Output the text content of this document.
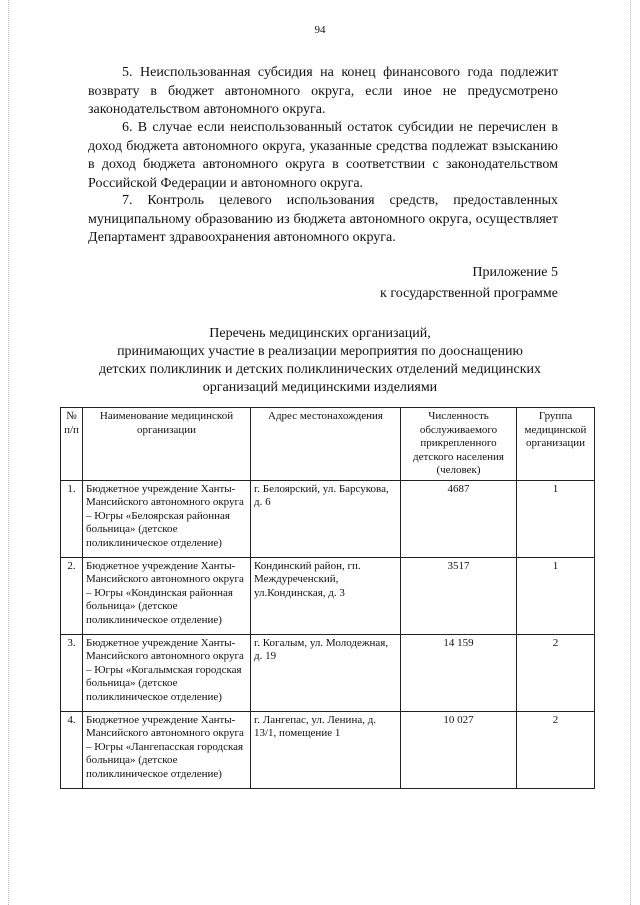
94

5. Неиспользованная субсидия на конец финансового года подлежит возврату в бюджет автономного округа, если иное не предусмотрено законодательством автономного округа.

6. В случае если неиспользованный остаток субсидии не перечислен в доход бюджета автономного округа, указанные средства подлежат взысканию в доход бюджета автономного округа в соответствии с законодательством Российской Федерации и автономного округа.

7. Контроль целевого использования средств, предоставленных муниципальному образованию из бюджета автономного округа, осуществляет Департамент здравоохранения автономного округа.

Приложение 5
к государственной программе
Перечень медицинских организаций,
принимающих участие в реализации мероприятия по дооснащению
детских поликлиник и детских поликлинических отделений медицинских
организаций медицинскими изделиями
№ п/п	Наименование медицинской организации	Адрес местонахождения	Численность обслуживаемого прикрепленного детского населения (человек)	Группа медицинской организации
1.	Бюджетное учреждение Ханты-Мансийского автономного округа – Югры «Белоярская районная больница» (детское поликлиническое отделение)	г. Белоярский, ул. Барсукова, д. 6	4687	1
2.	Бюджетное учреждение Ханты-Мансийского автономного округа – Югры «Кондинская районная больница» (детское поликлиническое отделение)	Кондинский район, гп. Междуреченский, ул.Кондинская, д. 3	3517	1
3.	Бюджетное учреждение Ханты-Мансийского автономного округа – Югры «Когалымская городская больница» (детское поликлиническое отделение)	г. Когалым, ул. Молодежная, д. 19	14 159	2
4.	Бюджетное учреждение Ханты- Мансийского автономного округа – Югры «Лангепасская городская больница» (детское поликлиническое отделение)	г. Лангепас, ул. Ленина, д. 13/1, помещение 1	10 027	2
